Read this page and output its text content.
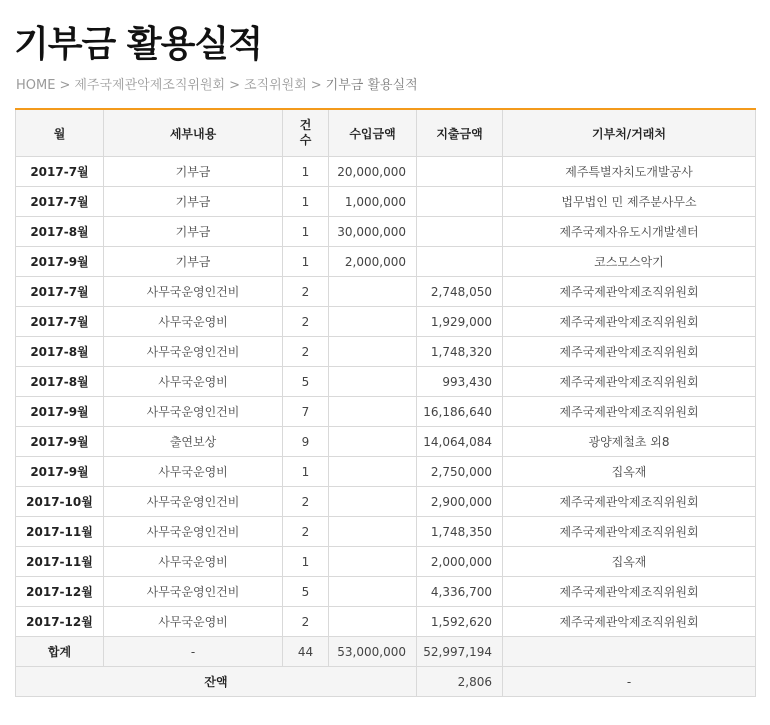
기부금 활용실적
HOME > 제주국제관악제조직위원회 > 조직위원회 > 기부금 활용실적
월	세부내용	건수	수입금액	지출금액	기부처/거래처
2017-7월	기부금	1	20,000,000		제주특별자치도개발공사
2017-7월	기부금	1	1,000,000		법무법인 민 제주분사무소
2017-8월	기부금	1	30,000,000		제주국제자유도시개발센터
2017-9월	기부금	1	2,000,000		코스모스악기
2017-7월	사무국운영인건비	2		2,748,050	제주국제관악제조직위원회
2017-7월	사무국운영비	2		1,929,000	제주국제관악제조직위원회
2017-8월	사무국운영인건비	2		1,748,320	제주국제관악제조직위원회
2017-8월	사무국운영비	5		993,430	제주국제관악제조직위원회
2017-9월	사무국운영인건비	7		16,186,640	제주국제관악제조직위원회
2017-9월	출연보상	9		14,064,084	광양제철초 외8
2017-9월	사무국운영비	1		2,750,000	집옥재
2017-10월	사무국운영인건비	2		2,900,000	제주국제관악제조직위원회
2017-11월	사무국운영인건비	2		1,748,350	제주국제관악제조직위원회
2017-11월	사무국운영비	1		2,000,000	집옥재
2017-12월	사무국운영인건비	5		4,336,700	제주국제관악제조직위원회
2017-12월	사무국운영비	2		1,592,620	제주국제관악제조직위원회
합계	-	44	53,000,000	52,997,194	
잔액				2,806	-
